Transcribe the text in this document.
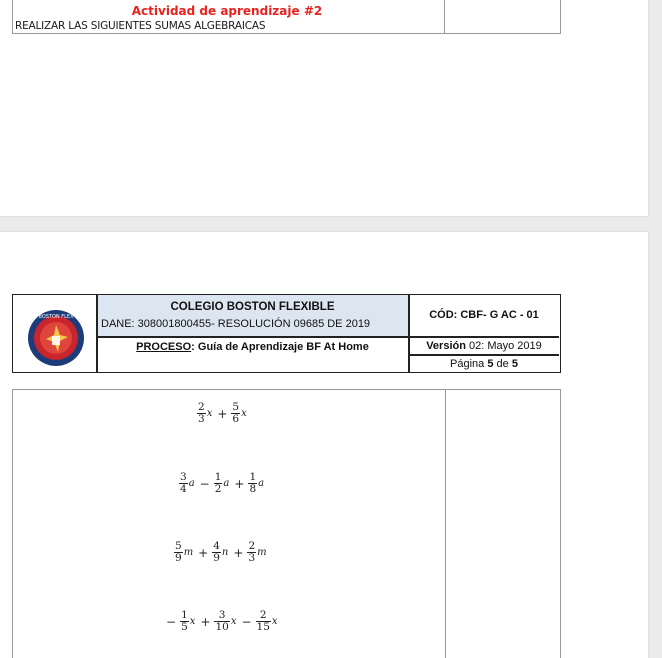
Actividad de aprendizaje #2
REALIZAR LAS SIGUIENTES SUMAS ALGEBRAICAS
BOSTON FLEX
COLEGIO BOSTON FLEXIBLE
DANE: 308001800455- RESOLUCIÓN 09685 DE 2019
PROCESO: Guía de Aprendizaje BF At Home
CÓD: CBF- G AC - 01
Versión 02: Mayo 2019
Página 5 de 5
$\frac{2}{3}$ $x + \frac{5}{6}$ x
$\frac{3}{4}$ $a - \frac{1}{2}$ $a + \frac{1}{8}$ a
$\frac{5}{9}$ $m + \frac{4}{9}$ $n + \frac{2}{3}$ m
− $\frac{1}{5}$ $x + \frac{3}{10}$ $x - \frac{2}{15}$ x
